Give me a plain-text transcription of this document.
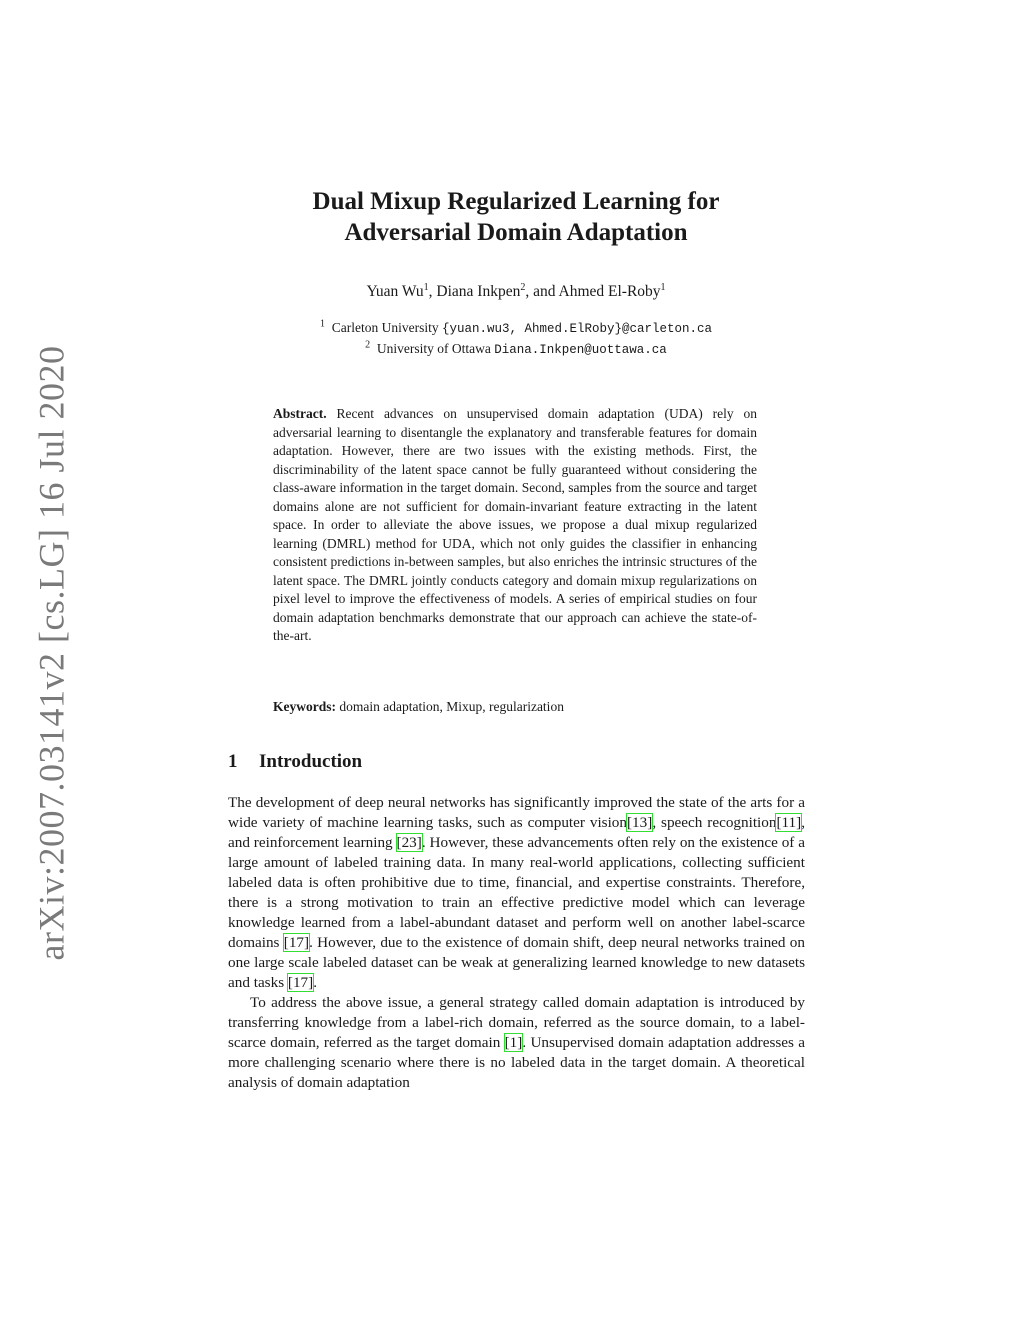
arXiv:2007.03141v2 [cs.LG] 16 Jul 2020
Dual Mixup Regularized Learning for
Adversarial Domain Adaptation
Yuan Wu$^1$, Diana Inkpen$^2$, and Ahmed El-Roby$^1$
$^1$ Carleton University {yuan.wu3, Ahmed.ElRoby}@carleton.ca
$^2$ University of Ottawa Diana.Inkpen@uottawa.ca
Abstract. Recent advances on unsupervised domain adaptation (UDA) rely on adversarial learning to disentangle the explanatory and transferable features for domain adaptation. However, there are two issues with the existing methods. First, the discriminability of the latent space cannot be fully guaranteed without considering the class-aware information in the target domain. Second, samples from the source and target domains alone are not sufficient for domain-invariant feature extracting in the latent space. In order to alleviate the above issues, we propose a dual mixup regularized learning (DMRL) method for UDA, which not only guides the classifier in enhancing consistent predictions in-between samples, but also enriches the intrinsic structures of the latent space. The DMRL jointly conducts category and domain mixup regularizations on pixel level to improve the effectiveness of models. A series of empirical studies on four domain adaptation benchmarks demonstrate that our approach can achieve the state-of-the-art.
Keywords: domain adaptation, Mixup, regularization
1 Introduction

The development of deep neural networks has significantly improved the state of the arts for a wide variety of machine learning tasks, such as computer vision[13], speech recognition[11], and reinforcement learning [23]. However, these advancements often rely on the existence of a large amount of labeled training data. In many real-world applications, collecting sufficient labeled data is often prohibitive due to time, financial, and expertise constraints. Therefore, there is a strong motivation to train an effective predictive model which can leverage knowledge learned from a label-abundant dataset and perform well on another label-scarce domains [17]. However, due to the existence of domain shift, deep neural networks trained on one large scale labeled dataset can be weak at generalizing learned knowledge to new datasets and tasks [17].

To address the above issue, a general strategy called domain adaptation is introduced by transferring knowledge from a label-rich domain, referred as the source domain, to a label-scarce domain, referred as the target domain [1]. Unsupervised domain adaptation addresses a more challenging scenario where there is no labeled data in the target domain. A theoretical analysis of domain adaptation
